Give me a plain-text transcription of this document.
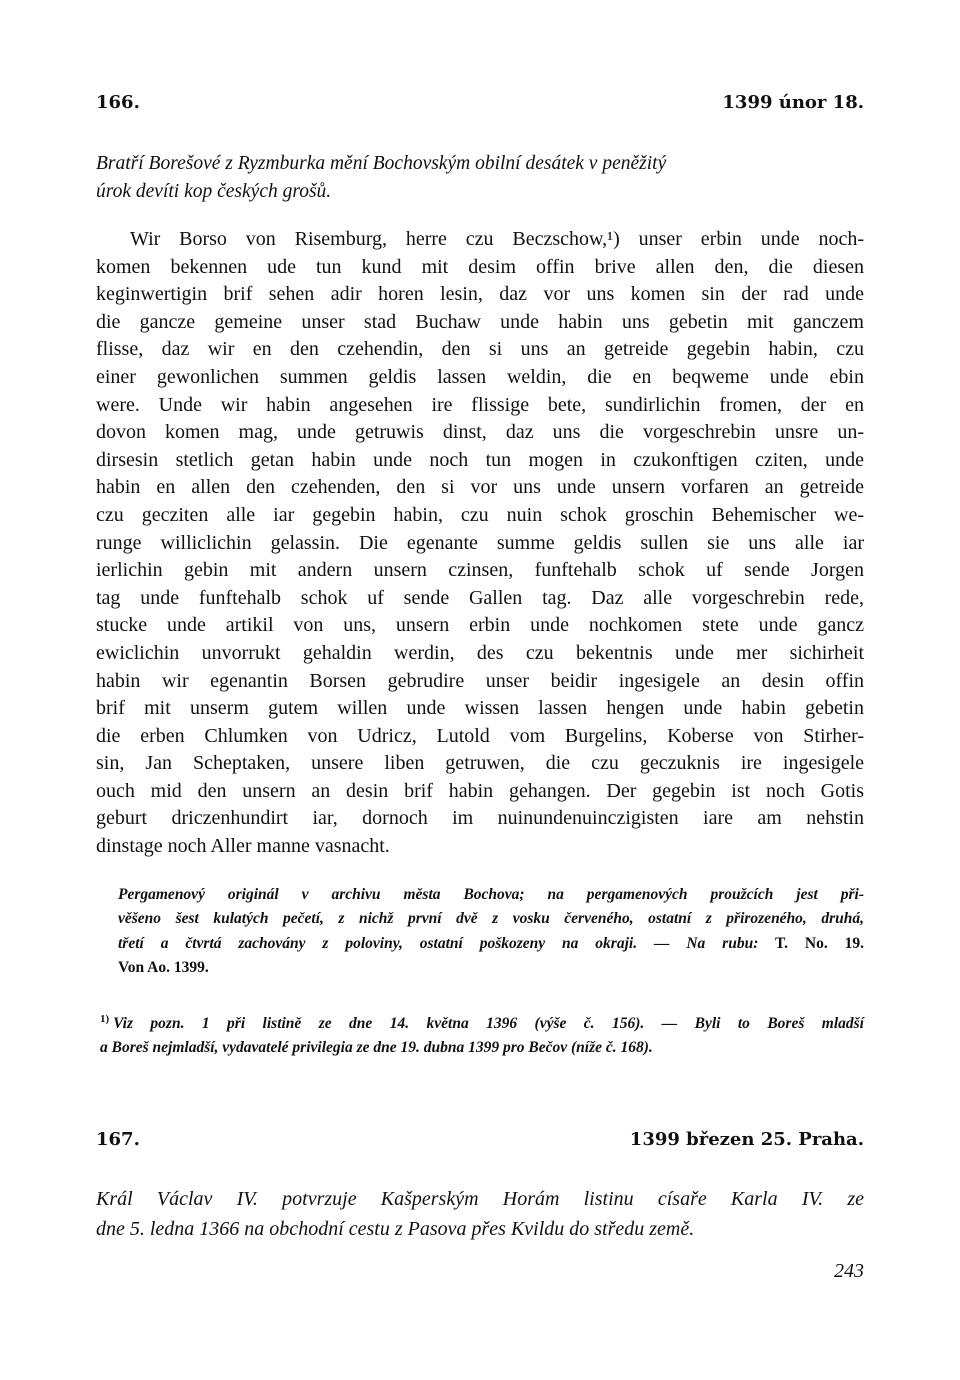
166.	1399 únor 18.

Bratří Borešové z Ryzmburka mění Bochovským obilní desátek v peněžitý

úrok devíti kop českých grošů.

Wir Borso von Risemburg, herre czu Beczschow,¹) unser erbin unde noch-
komen bekennen ude tun kund mit desim offin brive allen den, die diesen
keginwertigin brif sehen adir horen lesin, daz vor uns komen sin der rad unde
die gancze gemeine unser stad Buchaw unde habin uns gebetin mit ganczem
flisse, daz wir en den czehendin, den si uns an getreide gegebin habin, czu
einer gewonlichen summen geldis lassen weldin, die en beqweme unde ebin
were. Unde wir habin angesehen ire flissige bete, sundirlichin fromen, der en
dovon komen mag, unde getruwis dinst, daz uns die vorgeschrebin unsre un-
dirsesin stetlich getan habin unde noch tun mogen in czukonftigen cziten, unde
habin en allen den czehenden, den si vor uns unde unsern vorfaren an getreide
czu gecziten alle iar gegebin habin, czu nuin schok groschin Behemischer we-
runge williclichin gelassin. Die egenante summe geldis sullen sie uns alle iar
ierlichin gebin mit andern unsern czinsen, funftehalb schok uf sende Jorgen
tag unde funftehalb schok uf sende Gallen tag. Daz alle vorgeschrebin rede,
stucke unde artikil von uns, unsern erbin unde nochkomen stete unde gancz
ewiclichin unvorrukt gehaldin werdin, des czu bekentnis unde mer sichirheit
habin wir egenantin Borsen gebrudire unser beidir ingesigele an desin offin
brif mit unserm gutem willen unde wissen lassen hengen unde habin gebetin
die erben Chlumken von Udricz, Lutold vom Burgelins, Koberse von Stirher-
sin, Jan Scheptaken, unsere liben getruwen, die czu geczuknis ire ingesigele
ouch mid den unsern an desin brif habin gehangen. Der gegebin ist noch Gotis
geburt driczenhundirt iar, dornoch im nuinundenuinczigisten iare am nehstin
dinstage noch Aller manne vasnacht.
Pergamenový originál v archivu města Bochova; na pergamenových proužcích jest při-
věšeno šest kulatých pečetí, z nichž první dvě z vosku červeného, ostatní z přirozeného, druhá,
třetí a čtvrtá zachovány z poloviny, ostatní poškozeny na okraji. — Na rubu: T. No. 19.
Von Ao. 1399.
$^{1)}$ Viz pozn. 1 při listině ze dne 14. května 1396 (výše č. 156). — Byli to Boreš mladší
a Boreš nejmladší, vydavatelé privilegia ze dne 19. dubna 1399 pro Bečov (níže č. 168).
167.	1399 březen 25. Praha.
Král Václav IV. potvrzuje Kašperským Horám listinu císaře Karla IV. ze
dne 5. ledna 1366 na obchodní cestu z Pasova přes Kvildu do středu země.
243
